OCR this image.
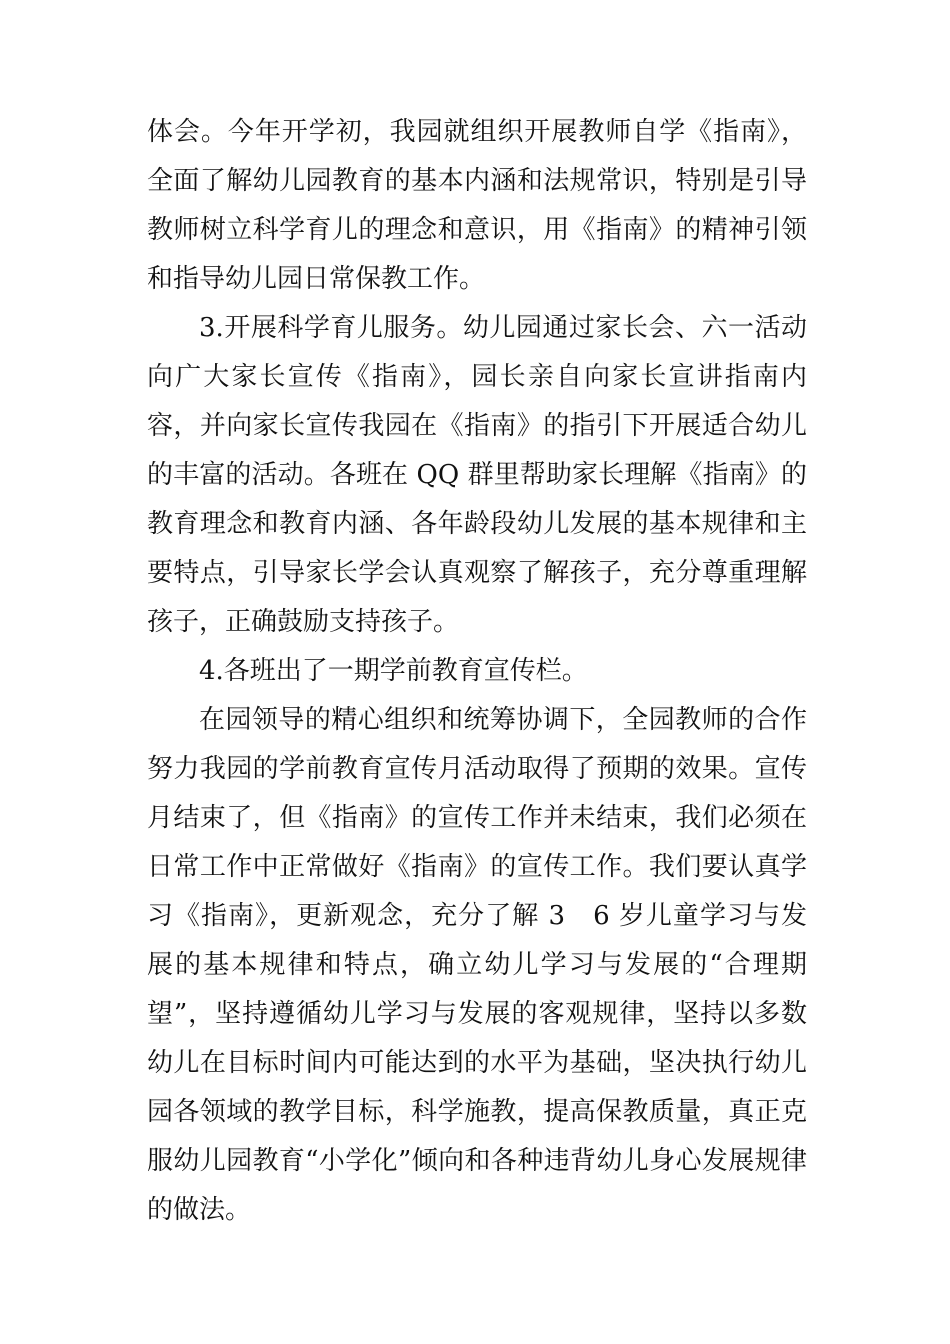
体会。今年开学初，我园就组织开展教师自学《指南》，全面了解幼儿园教育的基本内涵和法规常识，特别是引导教师树立科学育儿的理念和意识，用《指南》的精神引领和指导幼儿园日常保教工作。

3.开展科学育儿服务。幼儿园通过家长会、六一活动向广大家长宣传《指南》，园长亲自向家长宣讲指南内容，并向家长宣传我园在《指南》的指引下开展适合幼儿的丰富的活动。各班在 QQ 群里帮助家长理解《指南》的教育理念和教育内涵、各年龄段幼儿发展的基本规律和主要特点，引导家长学会认真观察了解孩子，充分尊重理解孩子，正确鼓励支持孩子。

4.各班出了一期学前教育宣传栏。

在园领导的精心组织和统筹协调下，全园教师的合作努力我园的学前教育宣传月活动取得了预期的效果。宣传月结束了，但《指南》的宣传工作并未结束，我们必须在日常工作中正常做好《指南》的宣传工作。我们要认真学习《指南》，更新观念，充分了解 3　6 岁儿童学习与发展的基本规律和特点，确立幼儿学习与发展的“合理期望”，坚持遵循幼儿学习与发展的客观规律，坚持以多数幼儿在目标时间内可能达到的水平为基础，坚决执行幼儿园各领域的教学目标，科学施教，提高保教质量，真正克服幼儿园教育“小学化”倾向和各种违背幼儿身心发展规律的做法。
